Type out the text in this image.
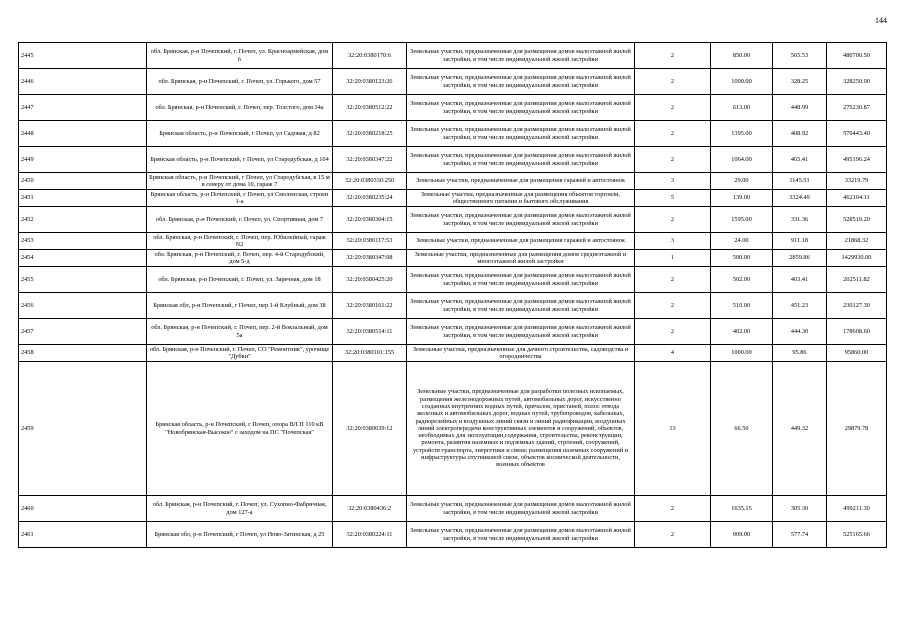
144
2445	обл. Брянская, р-н Почепский, г. Почеп, ул. Красноармейская, дом 6	32:20:0380170:6	Земельные участки, предназначенные для размещения домов малоэтажной жилой застройки, в том числе индивидуальной жилой застройки	2	850.00	565.53	480700.50
2446	обл. Брянская, р-н Почепский, г. Почеп, ул. Горького, дом 57	32:20:0380123:26	Земельные участки, предназначенные для размещения домов малоэтажной жилой застройки, в том числе индивидуальной жилой застройки	2	1000.00	328.25	328250.00
2447	обл. Брянская, р-н Почепский, г. Почеп, пер. Толстого, дом 34а	32:20:0380512:22	Земельные участки, предназначенные для размещения домов малоэтажной жилой застройки, в том числе индивидуальной жилой застройки	2	613.00	448.99	275230.87
2448	Брянская область, р-н Почепский, г Почеп, ул Садовая, д 82	32:20:0380218:25	Земельные участки, предназначенные для размещения домов малоэтажной жилой застройки, в том числе индивидуальной жилой застройки	2	1395.00	408.92	570443.40
2449	Брянская область, р-н Почепский, г Почеп, ул Стародубская, д 104	32:20:0380347:22	Земельные участки, предназначенные для размещения домов малоэтажной жилой застройки, в том числе индивидуальной жилой застройки	2	1064.00	465.41	495196.24
2450	Брянская область, р-н Почепский, г Почеп, ул Стародубская, в 15 м в северу от дома 10, гараж 7	32:20:0380330:250	Земельные участки, предназначенные для размещения гаражей и автостоянок	3	29.00	1145.51	33219.79
2451	Брянская область, р-н Почепский, г Почеп, ул Смоленская, строен 1-а	32:20:0380235:24	Земельные участки, предназначенные для размещения объектов торговли, общественного питания и бытового обслуживания	5	139.00	3324.49	462104.11
2452	обл. Брянская, р-н Почепский, г. Почеп, ул. Спортивная, дом 7	32:20:0380304:15	Земельные участки, предназначенные для размещения домов малоэтажной жилой застройки, в том числе индивидуальной жилой застройки	2	1595.00	331.36	528519.20
2453	обл. Брянская, р-н Почепский, г. Почеп, пер. Юбилейный, гараж N2	32:20:0380117:53	Земельные участки, предназначенные для размещения гаражей и автостоянок	3	24.00	911.18	21868.32
2454	обл. Брянская, р-н Почепский, г. Почеп, пер. 4-й Стародубский, дом 5-д	32:20:0380347:98	Земельные участки, предназначенные для размещения домов среднеэтажной и многоэтажной жилой застройки	1	500.00	2859.86	1429930.00
2455	обл. Брянская, р-н Почепский, г. Почеп, ул. Заречная, дом 18	32:20:0380425:20	Земельные участки, предназначенные для размещения домов малоэтажной жилой застройки, в том числе индивидуальной жилой застройки	2	502.00	403.41	202511.82
2456	Брянская обл, р-н Почепский, г Почеп, пер 1-й Клубный, дом 38	32:20:0380161:22	Земельные участки, предназначенные для размещения домов малоэтажной жилой застройки, в том числе индивидуальной жилой застройки	2	510.00	451.23	230127.30
2457	обл. Брянская, р-н Почепский, г. Почеп, пер. 2-й Вокзальный, дом 5а	32:20:0380514:11	Земельные участки, предназначенные для размещения домов малоэтажной жилой застройки, в том числе индивидуальной жилой застройки	2	402.00	444.30	178608.60
2458	обл. Брянская, р-н Почепский, г. Почеп, СО "Ремонтник", урочище "Дубки"	32:20:0380101:155	Земельные участки, предназначенные для дачного строительства, садоводства и огородничества	4	1000.00	95.86	95860.00
2459	Брянская область, р-н Почепский, г Почеп, опора ВЛ П 110 кВ "Новобрянская-Высокое" с заходом на ПС "Почепская"	32:20:0380639:12	Земельные участки, предназначенные для разработки полезных ископаемых, размещения железнодорожных путей, автомобильных дорог, искусственно созданных внутренних водных путей, причалов, пристаней, полос отвода железных и автомобильных дорог, водных путей, трубопроводов, кабельных, радиорелейных и воздушных линий связи и линий радиофикации, воздушных линий электропередачи конструктивных элементов и сооружений, объектов, необходимых для эксплуатации,содержания, строительства, реконструкции, ремонта, развития наземных и подземных зданий, строений, сооружений, устройств транспорта, энергетики и связи; размещения наземных сооружений и инфраструктуры спутниковой связи, объектов космической деятельности, военных объектов	13	66.50	449.32	29879.78
2460	обл. Брянская, р-н Почепский, г. Почеп, ул. Сухопио-Фабричная, дом 127-а	32:20:0380436:2	Земельные участки, предназначенные для размещения домов малоэтажной жилой застройки, в том числе индивидуальной жилой застройки	2	1635.15	305.30	499211.30
2461	Брянская обл, р-н Почепский, г Почеп, ул Ново-Затинская, д 25	32:20:0380224:11	Земельные участки, предназначенные для размещения домов малоэтажной жилой застройки, в том числе индивидуальной жилой застройки	2	909.00	577.74	525165.66
